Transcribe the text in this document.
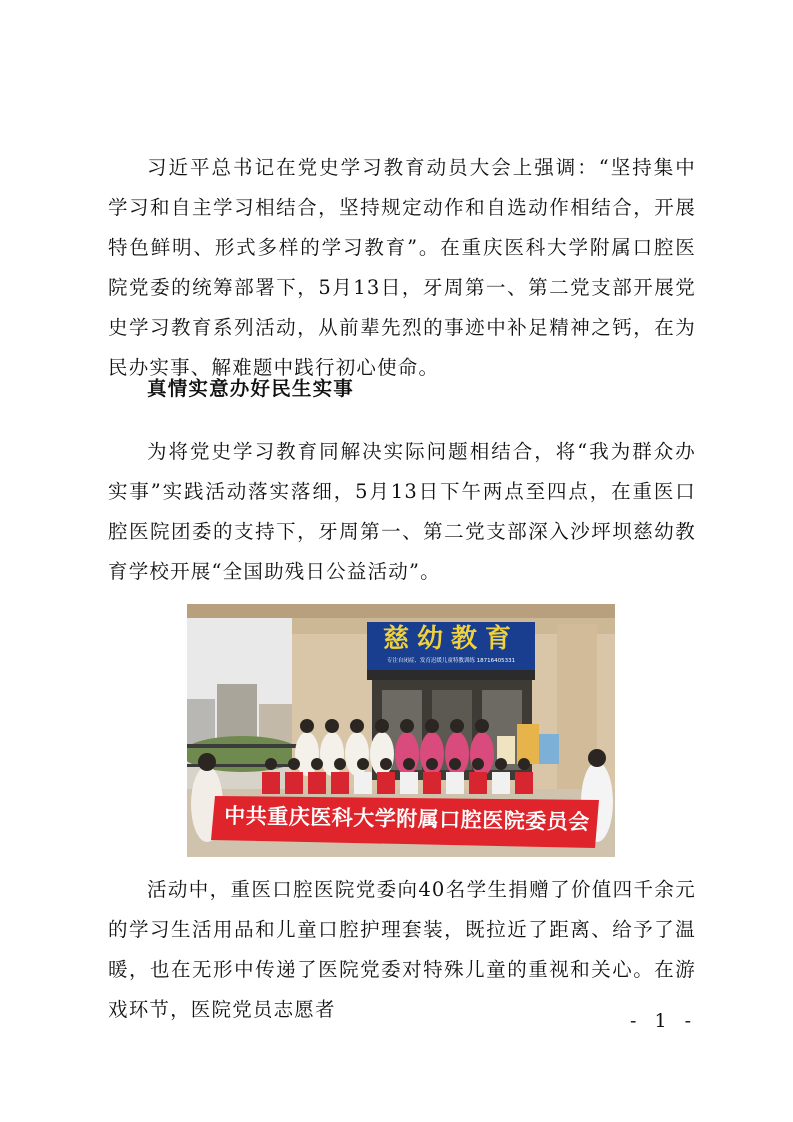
习近平总书记在党史学习教育动员大会上强调：“坚持集中学习和自主学习相结合，坚持规定动作和自选动作相结合，开展特色鲜明、形式多样的学习教育”。在重庆医科大学附属口腔医院党委的统筹部署下，5月13日，牙周第一、第二党支部开展党史学习教育系列活动，从前辈先烈的事迹中补足精神之钙，在为民办实事、解难题中践行初心使命。

真情实意办好民生实事

为将党史学习教育同解决实际问题相结合，将“我为群众办实事”实践活动落实落细，5月13日下午两点至四点，在重医口腔医院团委的支持下，牙周第一、第二党支部深入沙坪坝慈幼教育学校开展“全国助残日公益活动”。

慈幼教育
专注自闭症、发育迟缓儿童特教训练 18716405331
中共重庆医科大学附属口腔医院委员会

活动中，重医口腔医院党委向40名学生捐赠了价值四千余元的学习生活用品和儿童口腔护理套装，既拉近了距离、给予了温暖，也在无形中传递了医院党委对特殊儿童的重视和关心。在游戏环节，医院党员志愿者	- 1 -
